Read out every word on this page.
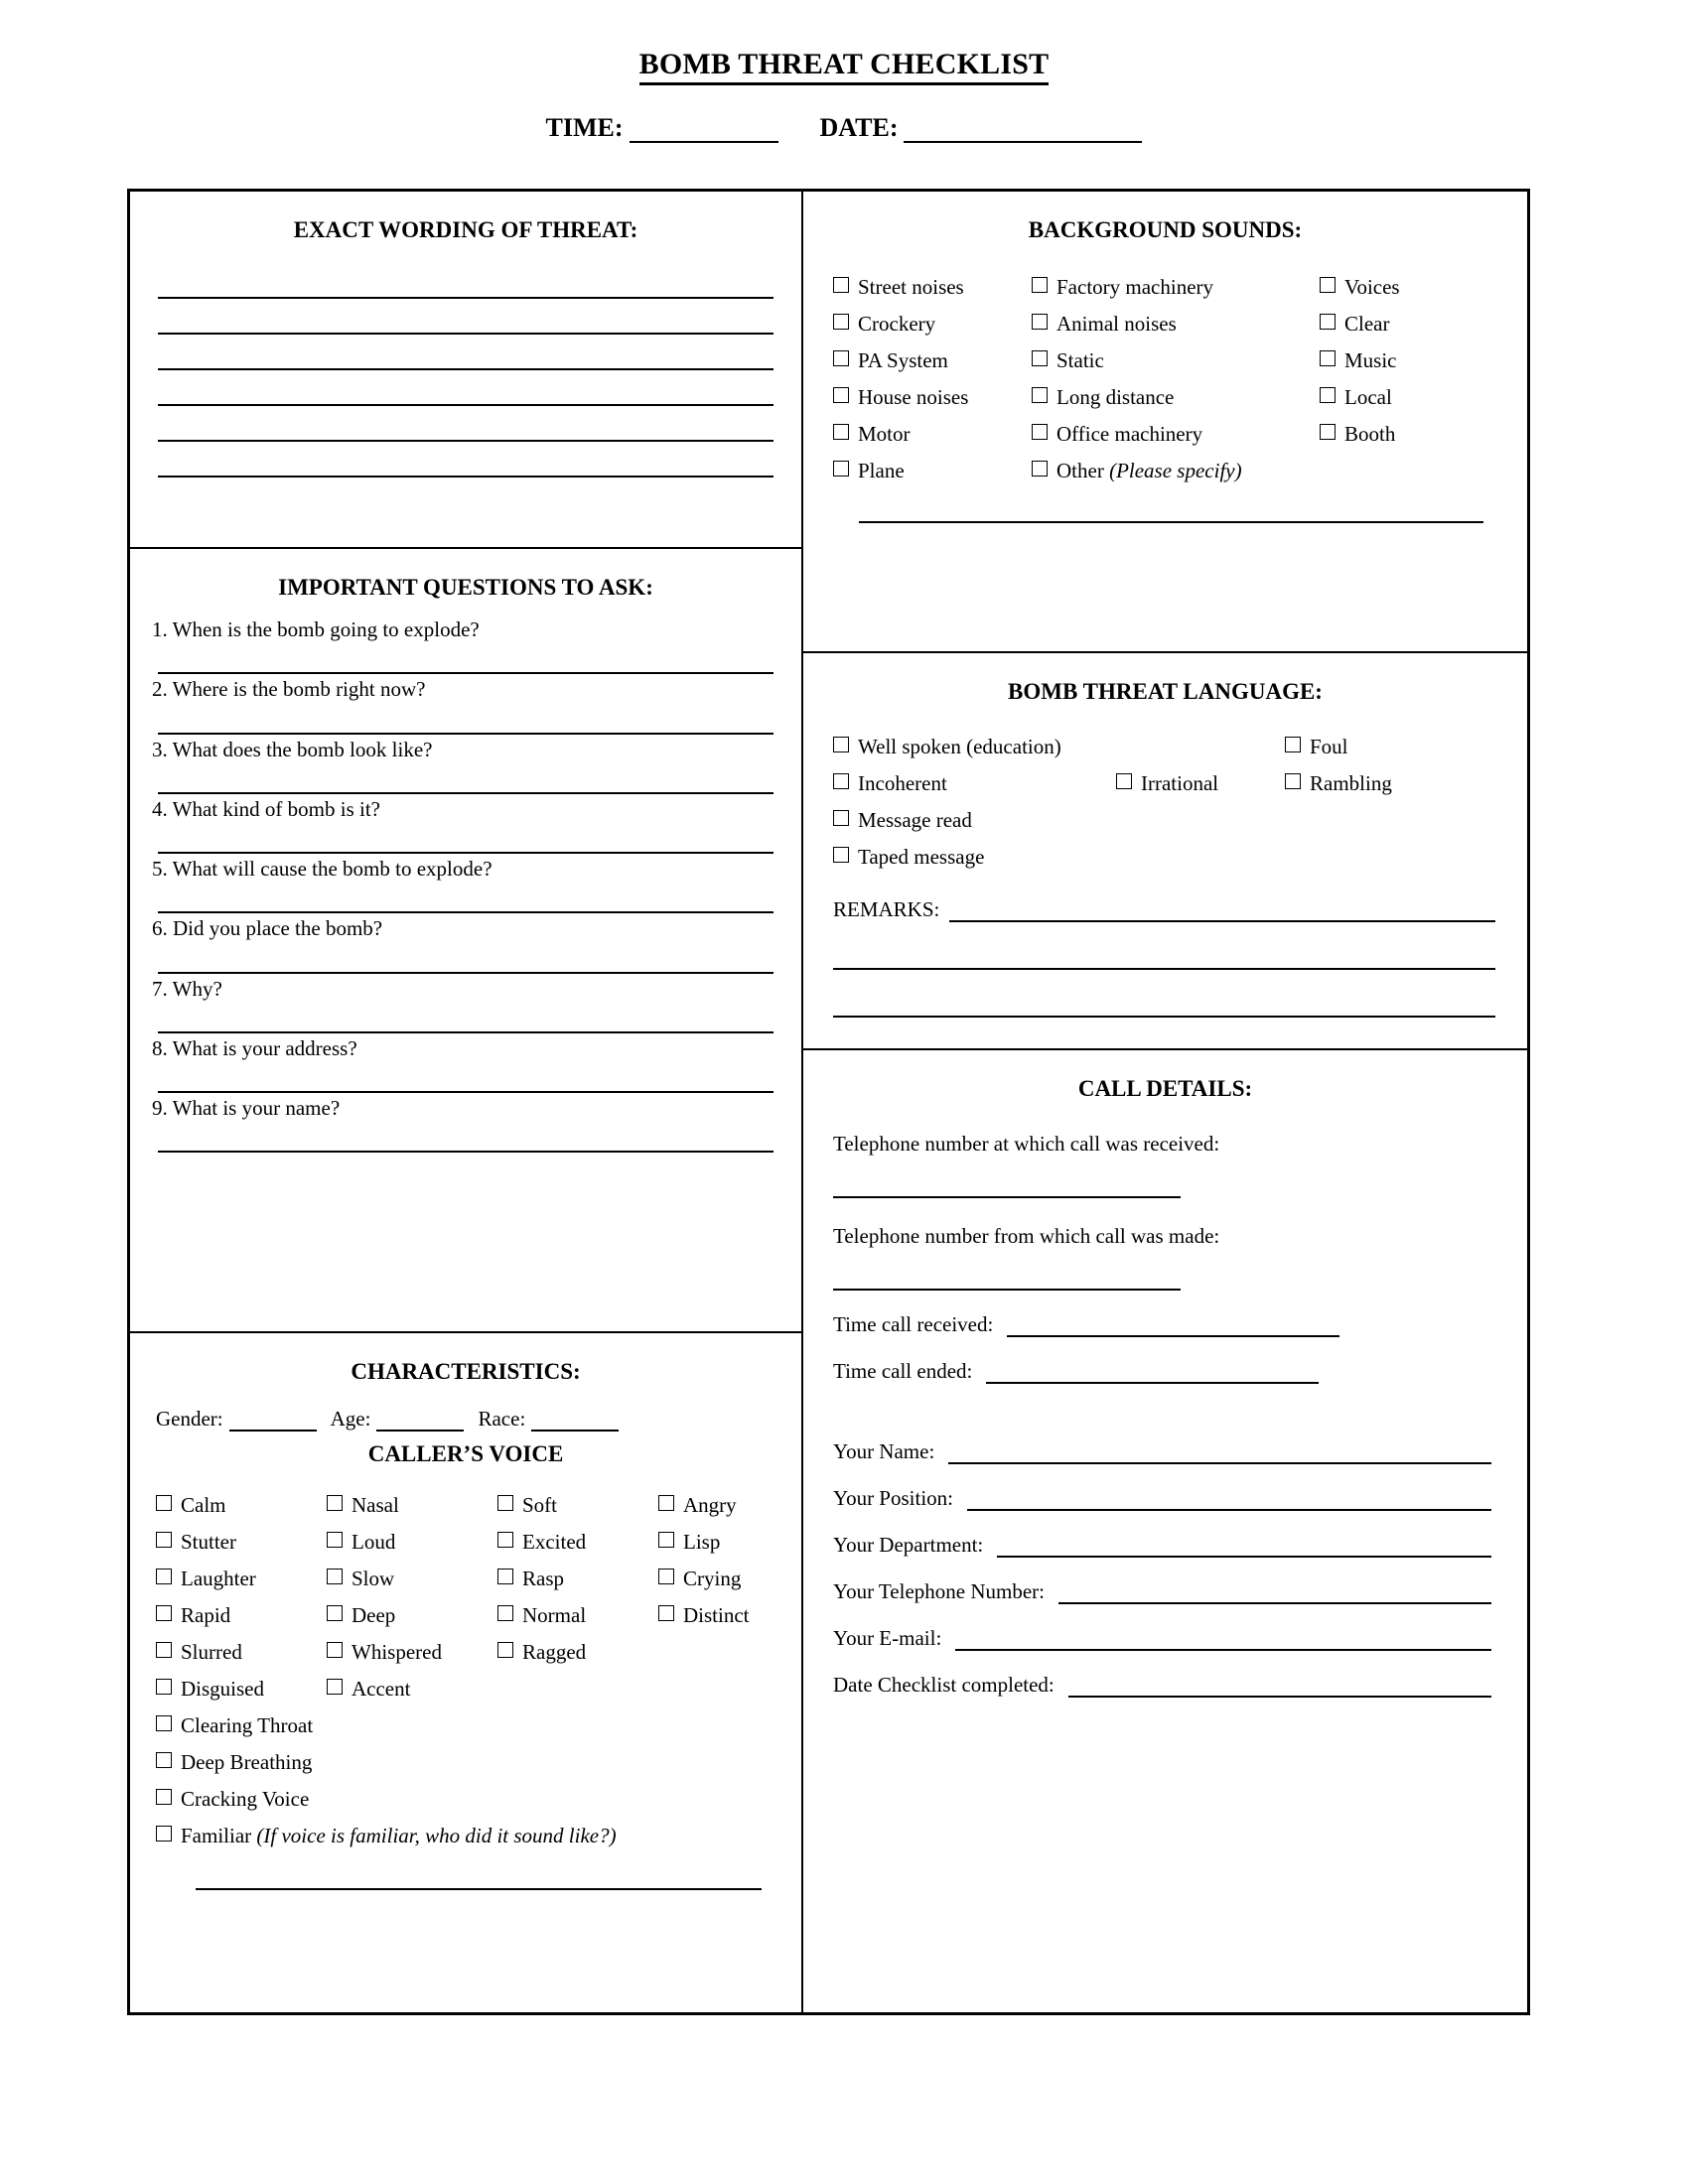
BOMB THREAT CHECKLIST
TIME:	DATE:
EXACT WORDING OF THREAT:
IMPORTANT QUESTIONS TO ASK:
1. When is the bomb going to explode?
2. Where is the bomb right now?
3. What does the bomb look like?
4. What kind of bomb is it?
5. What will cause the bomb to explode?
6. Did you place the bomb?
7. Why?
8. What is your address?
9. What is your name?
CHARACTERISTICS:
Gender:	Age:	Race:
CALLER’S VOICE
Calm	Nasal	Soft	Angry
Stutter	Loud	Excited	Lisp
Laughter	Slow	Rasp	Crying
Rapid	Deep	Normal	Distinct
Slurred	Whispered	Ragged
Disguised	Accent
Clearing Throat
Deep Breathing
Cracking Voice
Familiar (If voice is familiar, who did it sound like?)
BACKGROUND SOUNDS:
Street noises	Factory machinery	Voices
Crockery	Animal noises	Clear
PA System	Static	Music
House noises	Long distance	Local
Motor	Office machinery	Booth
Plane	Other (Please specify)
BOMB THREAT LANGUAGE:
Well spoken (education)	Foul
Incoherent	Irrational	Rambling
Message read
Taped message
REMARKS:
CALL DETAILS:
Telephone number at which call was received:
Telephone number from which call was made:
Time call received:
Time call ended:
Your Name:
Your Position:
Your Department:
Your Telephone Number:
Your E-mail:
Date Checklist completed:
